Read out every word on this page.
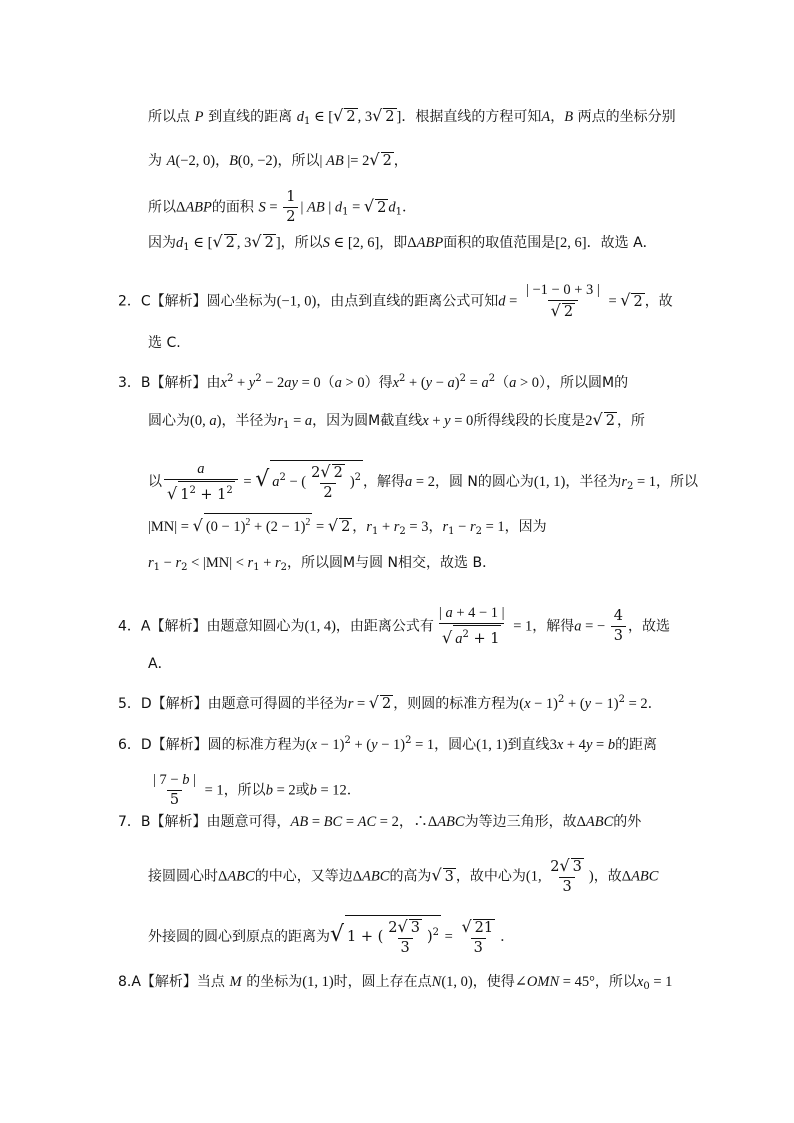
所以点 P 到直线的距离 $d_1$ ∈ [√ 2 , 3√ 2 ]．根据直线的方程可知A，B 两点的坐标分别
为 A(−2, 0)，B(0, −2)，所以| AB |= 2√ 2 ，
所以ΔABP的面积 $S = \frac{1}{2}$ | AB | $d_1$ = √ 2 $d_1$．
因为$d_1$ ∈ [√ 2 , 3√ 2 ]，所以S ∈ [2, 6]，即ΔABP面积的取值范围是[2, 6]．故选 A．
2．C【解析】圆心坐标为(−1, 0)，由点到直线的距离公式可知$d = \frac{| -1 - 0 + 3 |}{√ 2}$ = √ 2 ，故
选 C.
3．B【解析】由$x^2 + y^2 - 2ay = 0(a > 0)$得$x^2 + (y - a)^2 = a^2(a > 0)$，所以圆M的
圆心为(0, a)，半径为$r_1 = a$，因为圆M截直线x + y = 0所得线段的长度是2√ 2 ，所
以 $\frac{a}{√ 1^2 + 1^2}$ = √ $a^2$ − ( $\frac{2√ 2}{2} )^2$ ，解得a = 2，圆 N的圆心为(1, 1)，半径为$r_2 = 1$，所以
|MN| = √ $(0 - 1)^2 + (2 - 1)^2$ = √ 2 ，$r_1 + r_2 = 3$，$r_1 - r_2 = 1$，因为
$r_1 - r_2 < |MN| < r_1 + r_2$，所以圆M与圆 N相交，故选 B．
4．A【解析】由题意知圆心为(1, 4)，由距离公式有 $\frac{| a + 4 - 1 |}{√ a^2 + 1} = 1$，解得a = − $\frac{4}{3}$ ，故选
A．
5．D【解析】由题意可得圆的半径为r = √ 2 ，则圆的标准方程为$(x - 1)^2 + (y - 1)^2 = 2$．
6．D【解析】圆的标准方程为$(x - 1)^2 + (y - 1)^2 = 1$，圆心(1, 1)到直线3x + 4y = b的距离
$\frac{| 7 - b |}{5} = 1$，所以b = 2或b = 12．
7．B【解析】由题意可得，AB = BC = AC = 2，∴ΔABC为等边三角形，故ΔABC的外
接圆圆心时ΔABC的中心，又等边ΔABC的高为√ 3 ，故中心为(1, $\frac{2√ 3}{3}$ )，故ΔABC
外接圆的圆心到原点的距离为√ 1 + ( $\frac{2√ 3}{3} )^2 = \frac{√ 21}{3}$ ．
8.A【解析】当点 M 的坐标为(1, 1)时，圆上存在点N(1, 0)，使得∠OMN = 45°，所以$x_0 = 1$
